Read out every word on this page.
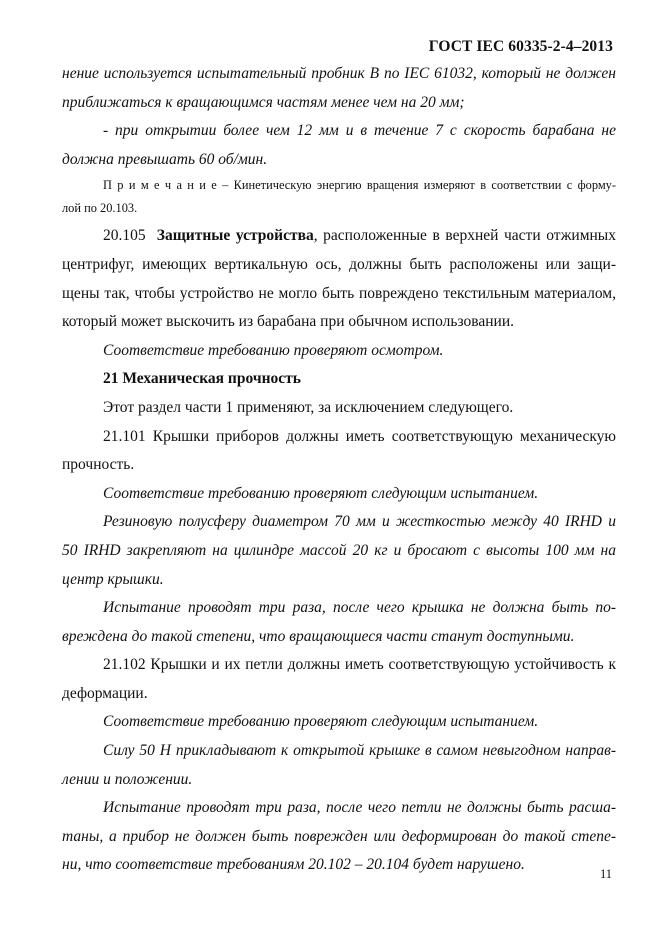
ГОСТ IEC 60335-2-4–2013
нение используется испытательный пробник В по IEC 61032, который не должен
приближаться к вращающимся частям менее чем на 20 мм;
- при открытии более чем 12 мм и в течение 7 с скорость барабана не
должна превышать 60 об/мин.
П р и м е ч а н и е – Кинетическую энергию вращения измеряют в соответствии с форму-
лой по 20.103.
20.105 Защитные устройства, расположенные в верхней части отжимных
центрифуг, имеющих вертикальную ось, должны быть расположены или защи-
щены так, чтобы устройство не могло быть повреждено текстильным материалом,
который может выскочить из барабана при обычном использовании.
Соответствие требованию проверяют осмотром.
21 Механическая прочность
Этот раздел части 1 применяют, за исключением следующего.
21.101 Крышки приборов должны иметь соответствующую механическую
прочность.
Соответствие требованию проверяют следующим испытанием.
Резиновую полусферу диаметром 70 мм и жесткостью между 40 IRHD и
50 IRHD закрепляют на цилиндре массой 20 кг и бросают с высоты 100 мм на
центр крышки.
Испытание проводят три раза, после чего крышка не должна быть по-
вреждена до такой степени, что вращающиеся части станут доступными.
21.102 Крышки и их петли должны иметь соответствующую устойчивость к
деформации.
Соответствие требованию проверяют следующим испытанием.
Силу 50 Н прикладывают к открытой крышке в самом невыгодном направ-
лении и положении.
Испытание проводят три раза, после чего петли не должны быть расша-
таны, а прибор не должен быть поврежден или деформирован до такой степе-
ни, что соответствие требованиям 20.102 – 20.104 будет нарушено.
11
